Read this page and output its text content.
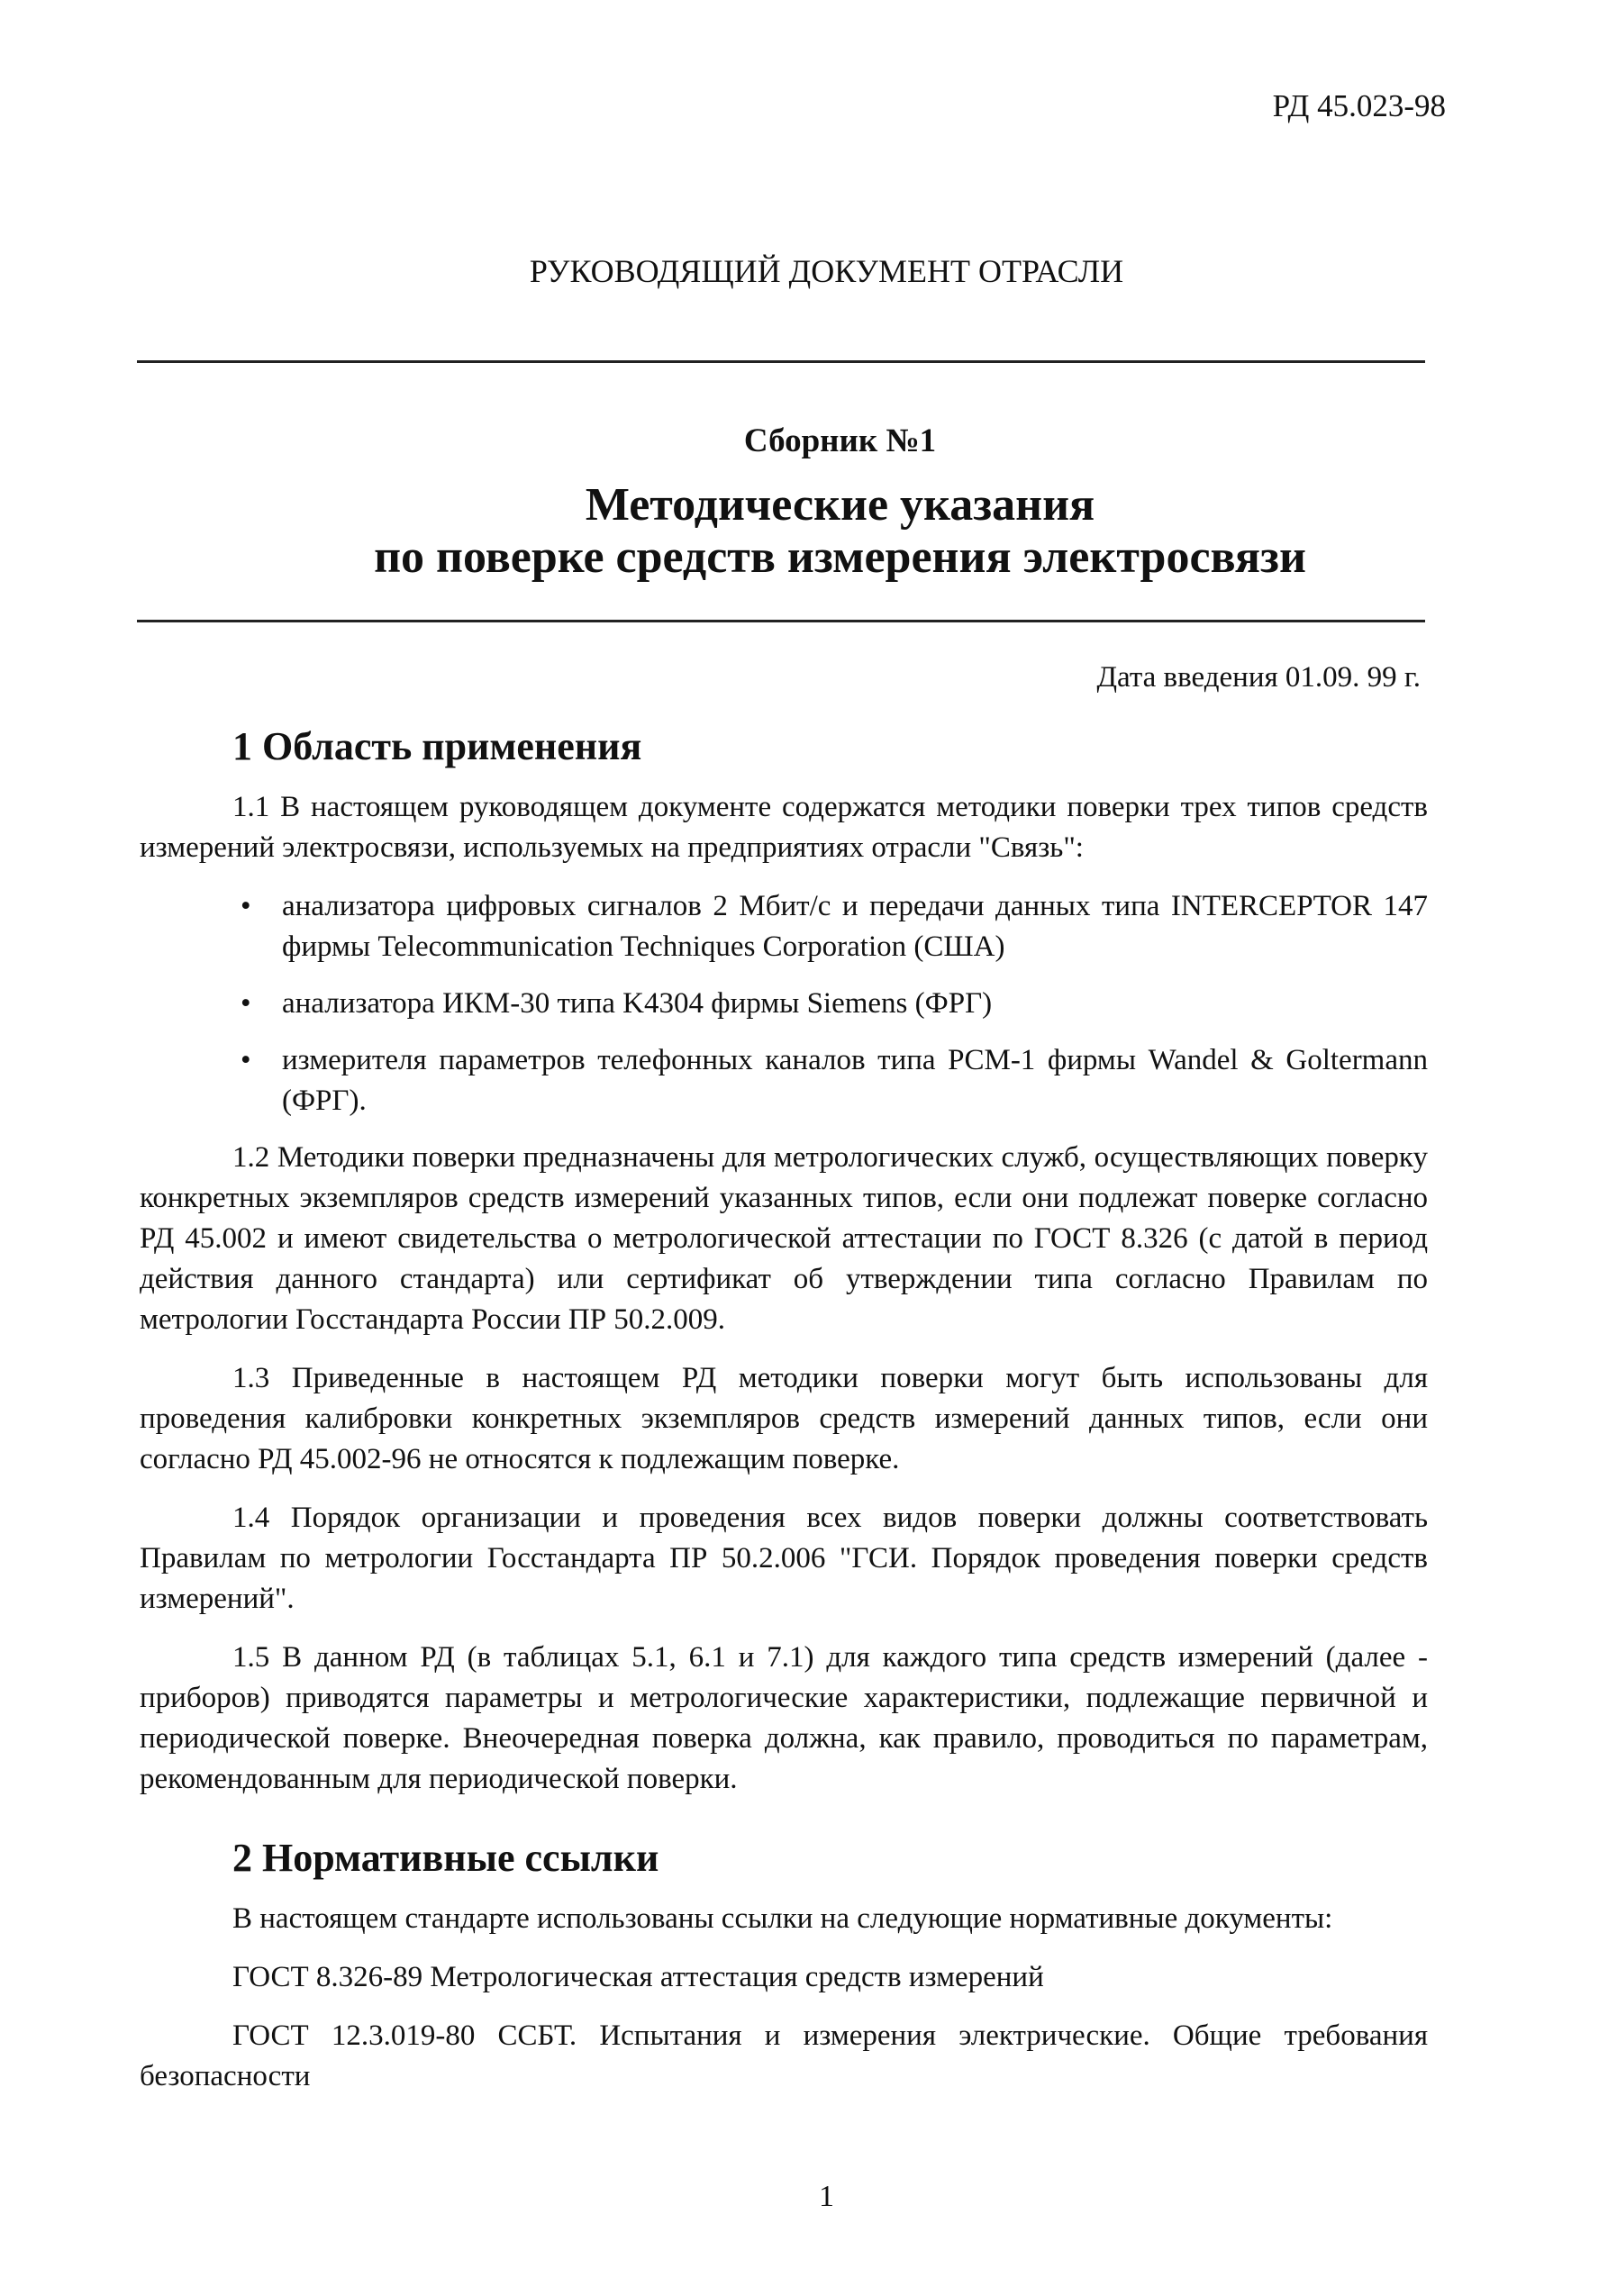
РД 45.023-98
РУКОВОДЯЩИЙ ДОКУМЕНТ ОТРАСЛИ
Сборник №1
Методические указания
по поверке средств измерения электросвязи
Дата введения 01.09. 99 г.
1 Область применения

1.1 В настоящем руководящем документе содержатся методики поверки трех типов средств измерений электросвязи, используемых на предприятиях отрасли "Связь":

• анализатора цифровых сигналов 2 Мбит/с и передачи данных типа INTERCEPTOR 147 фирмы Telecommunication Techniques Corporation (США)
• анализатора ИКМ-30 типа K4304 фирмы Siemens (ФРГ)
• измерителя параметров телефонных каналов типа PCM-1 фирмы Wandel & Goltermann (ФРГ).

1.2 Методики поверки предназначены для метрологических служб, осуществляющих поверку конкретных экземпляров средств измерений указанных типов, если они подлежат поверке согласно РД 45.002 и имеют свидетельства о метрологической аттестации по ГОСТ 8.326 (с датой в период действия данного стандарта) или сертификат об утверждении типа согласно Правилам по метрологии Госстандарта России ПР 50.2.009.

1.3 Приведенные в настоящем РД методики поверки могут быть использованы для проведения калибровки конкретных экземпляров средств измерений данных типов, если они согласно РД 45.002-96 не относятся к подлежащим поверке.

1.4 Порядок организации и проведения всех видов поверки должны соответствовать Правилам по метрологии Госстандарта ПР 50.2.006 "ГСИ. Порядок проведения поверки средств измерений".

1.5 В данном РД (в таблицах 5.1, 6.1 и 7.1) для каждого типа средств измерений (далее - приборов) приводятся параметры и метрологические характеристики, подлежащие первичной и периодической поверке. Внеочередная поверка должна, как правило, проводиться по параметрам, рекомендованным для периодической поверки.

2 Нормативные ссылки

В настоящем стандарте использованы ссылки на следующие нормативные документы:

ГОСТ 8.326-89 Метрологическая аттестация средств измерений

ГОСТ 12.3.019-80 ССБТ. Испытания и измерения электрические. Общие требования безопасности

1
